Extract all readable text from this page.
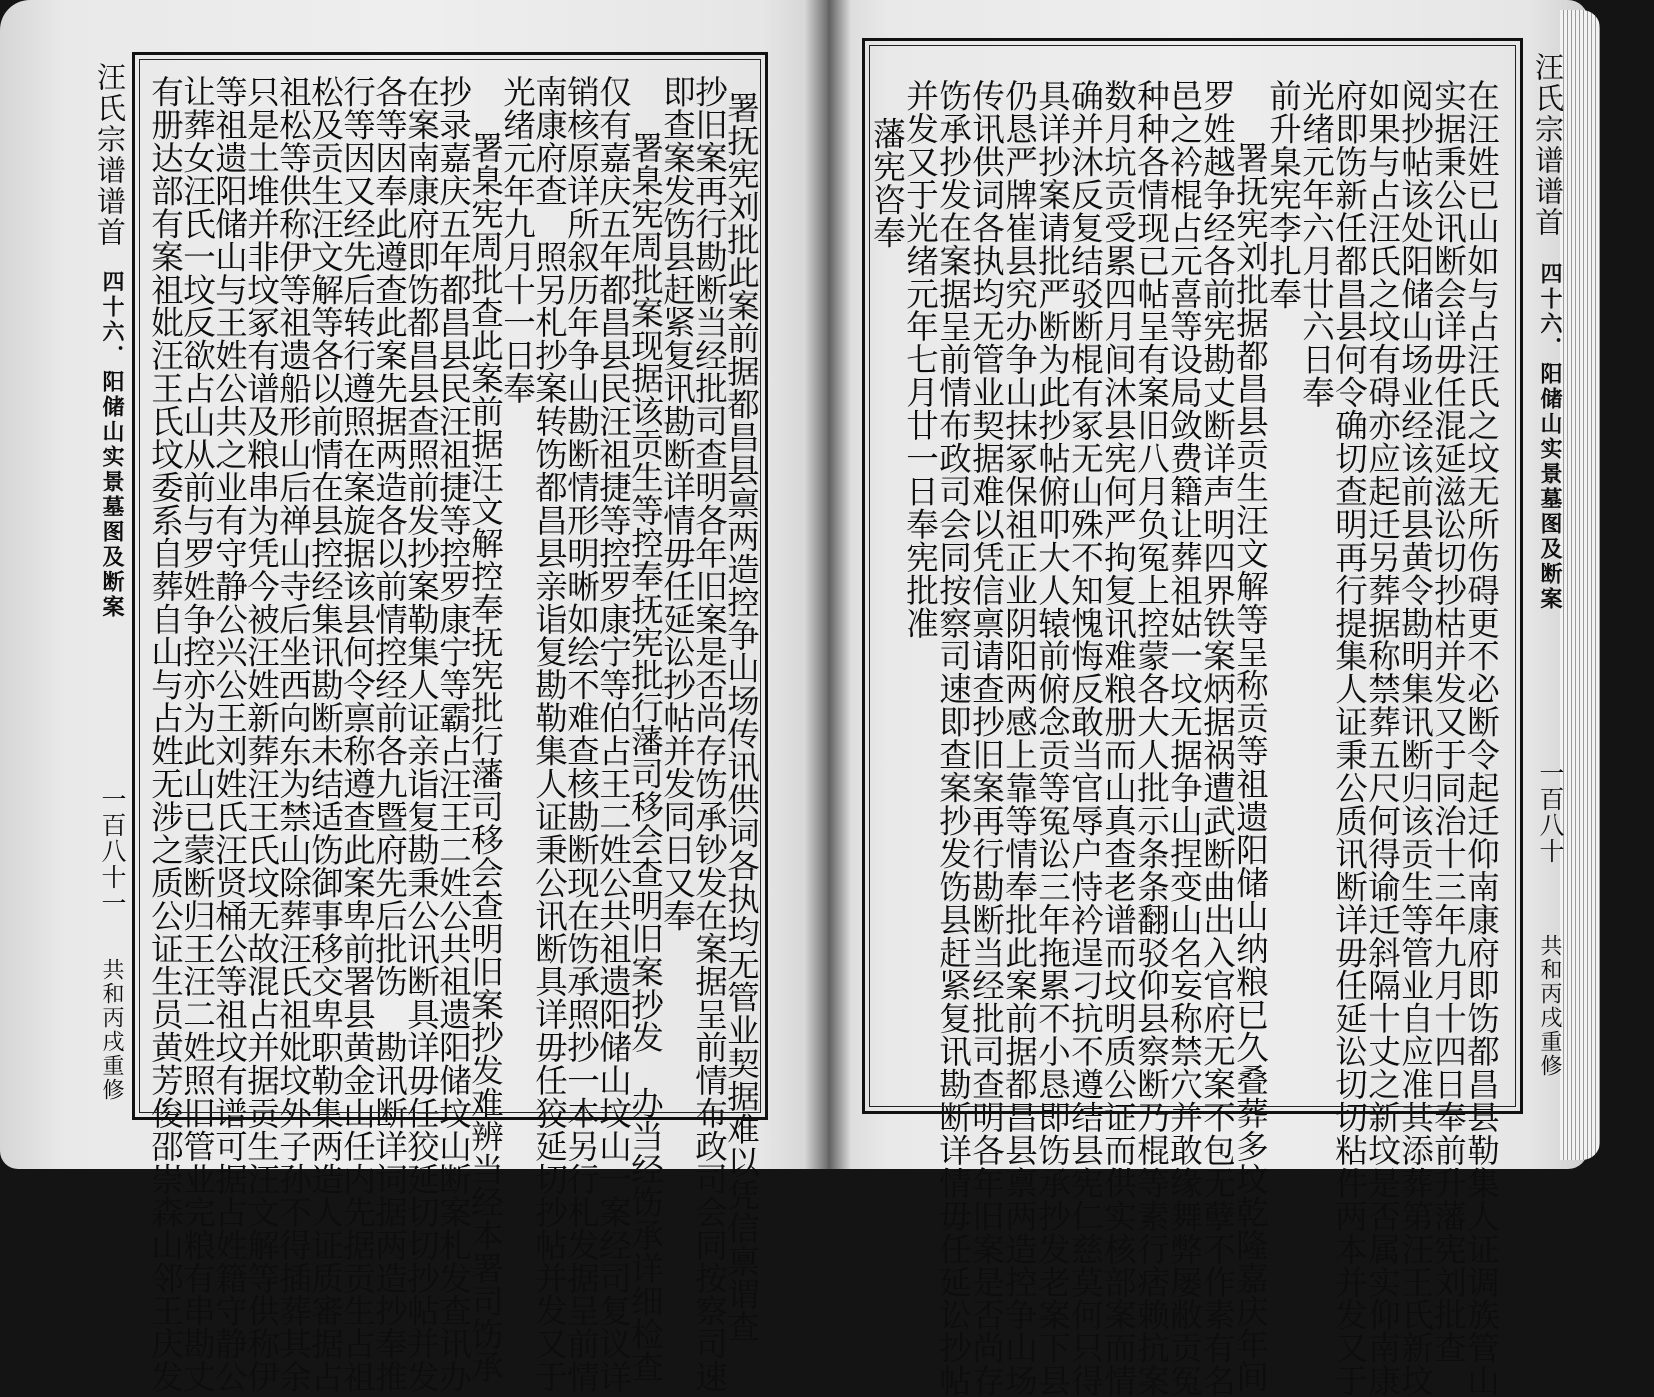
汪氏宗谱
谱首
四十六．阳储山实景墓图及断案
一百八十一
共和丙戌重修	署抚宪刘批此案前据都昌县禀两造控争山场传讯供词各执均无管业契据难以凭信禀谓查
抄旧案再行勘断当经批司查明各年旧案是否尚存饬承钞发在案据呈前情布政司会同按察司速
即查案发饬县赶紧复讯勘断详情毋任延讼抄帖并发同日又奉
署臬宪周批案现据该贡生等控奉抚宪批行藩司移会查明旧案抄发　办当经饬承详细检查
仅有嘉庆五年都昌县民汪祖捷等控罗康宁等伯占王二姓公共祖遗阳储山坟山一案经司复议详
销核原详所叙历年争山勘断情形明晰如绘不难查核勘断现在饬承照抄一本另行札发据呈前情
南康府查　照另札抄案转饬都昌县亲诣复勘勒集人证秉公讯断具详毋任狡延切抄帖并发又于
光绪元年九月十一日奉
署臬宪周批查此案前据汪文解控奉抚宪批行藩司移会查明旧案抄发难辨当经本署司饬承
抄录嘉庆五年都昌县民汪祖捷等控罗康宁等霸占汪王二姓公共祖遗阳储坟山断案札发查讯办
在案南康府即饬都昌县查照前发抄案勒集人证亲诣复勘秉公讯断具详毋任狡延切切抄帖并发
各等因奉此遵查此案先据两造各以前情控经前各九暨府先后批饬　勘讯断详词据两造抄奉推
行等因又经先后转行遵照在案旋据该县何令禀称遵查此案卑前署县黄金山任内先据贡生占祖
松及贡生汪文解等各以前情在县控经集讯勘断未结适饬御事移交卑职勒集两造人证质審据占
祖松等供称伊等祖遗船形山后禅山寺后坐西向东为禁山除葬汪氏祖妣坟外子孙不得插葬其余
只是土堆并非坟冢有谱及粮串为凭今被汪姓新葬汪王氏坟无故混占并据贡生汪文解等供称伊
等祖遗阳储山与王姓公共之业有守静公兴公王刘姓氏汪贤桶公等祖坟有谱可据占姓籍守静公
让葬女汪氏一坟反欲占山从前与罗姓争控亦为此山已蒙断归王汪二姓照旧管业完粮有串勘丈
有册达部有案祖妣汪王氏坟委系自葬自山与占姓无涉之质公证生员黄芳俊邵崇森山邻王庆发	在汪姓已山如与占汪氏之坟无所伤碍更不必断令起迁仰南康府即饬都昌县勒集人证调族管山
实据秉公讯断会详毋任混延滋讼切抄枯并发又于同治十三年九月十四日奉前升藩宪刘批查
阅抄帖该处阳储山场业经该前县黄令勘明集讯断归该贡生等管业自应准其添葬第汪王氏新坟
如果与占汪氏之坟有碍亦应起迁另葬据称禁葬五尺何得谕迁斜隔十丈之新坟是否属实仰南康
府即饬新任都昌县何令确切查明再行提集人证秉公质讯断详毋任延讼切切粘件两本并发又于
光绪元年六月廿六日奉
前升臬宪李扎奉
署抚宪刘批据都昌县贡生汪文解等呈称贡等祖遗阳储山纳粮已久叠葬多坟乾隆嘉庆年间
罗姓越争经各前宪勘丈断详声明四界铁案炳据祸遭武断曲出入官府无案不包无孽不作素有名
邑之衿棍占元喜等设局敛费籍让葬祖姑一坟无据争山捏变山名妄称禁穴并敢缘舞弊屡敝贡冤
种种各情现已帖呈有案旧八月负冤上控蒙各大人批示条条翻驳仰县察断乃棍等素行痞赖抗案
数月坑贡受累四月间沐县宪何严拘复讯难粮册而山真查老谱而坟明质公证而供实核部案而情
确并沐反复结驳断棍有冢无山殊不知愧悔反敢当官辱户恃衿逞刁抗不遵结县宪仁慈莫何只得
具详抄案请批严断为此抄帖俯叩大人辕前俯念贡等冤讼三年拖累不小恳即饬承抄发老案下县
仍恳严牌崔县究办争山抹冢保祖正业阴阳两感上靠等情奉批此案前据都昌县禀两造控争山场
传讯供词各执均无管业契据难以凭信禀请查抄旧案再行勘断当经批司查明各年旧案是否尚存
饬承抄发在案据呈前情布政司会同按察司速即查案抄发饬县赶紧复讯勘断详情毋任延讼抄帖
并发又于光绪元年七月廿一日奉宪批准
藩宪咨奉
汪氏宗谱
谱首
四十六．阳储山实景墓图及断案
一百八十
共和丙戌重修
